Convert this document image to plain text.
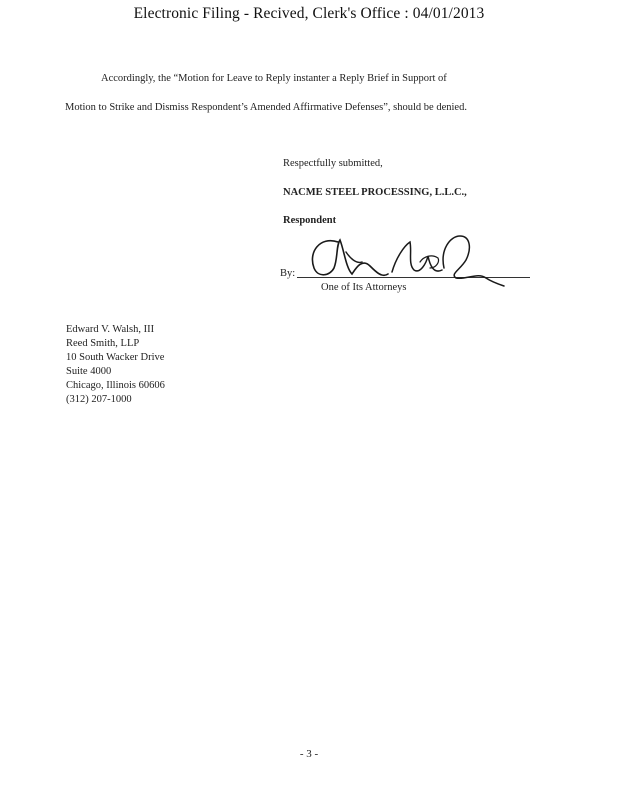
Electronic Filing - Recived, Clerk's Office : 04/01/2013
Accordingly, the “Motion for Leave to Reply instanter a Reply Brief in Support of
Motion to Strike and Dismiss Respondent’s Amended Affirmative Defenses”, should be denied.
Respectfully submitted,
NACME STEEL PROCESSING, L.L.C.,
Respondent
By:
One of Its Attorneys
Edward V. Walsh, III
Reed Smith, LLP
10 South Wacker Drive
Suite 4000
Chicago, Illinois 60606
(312) 207-1000
- 3 -
